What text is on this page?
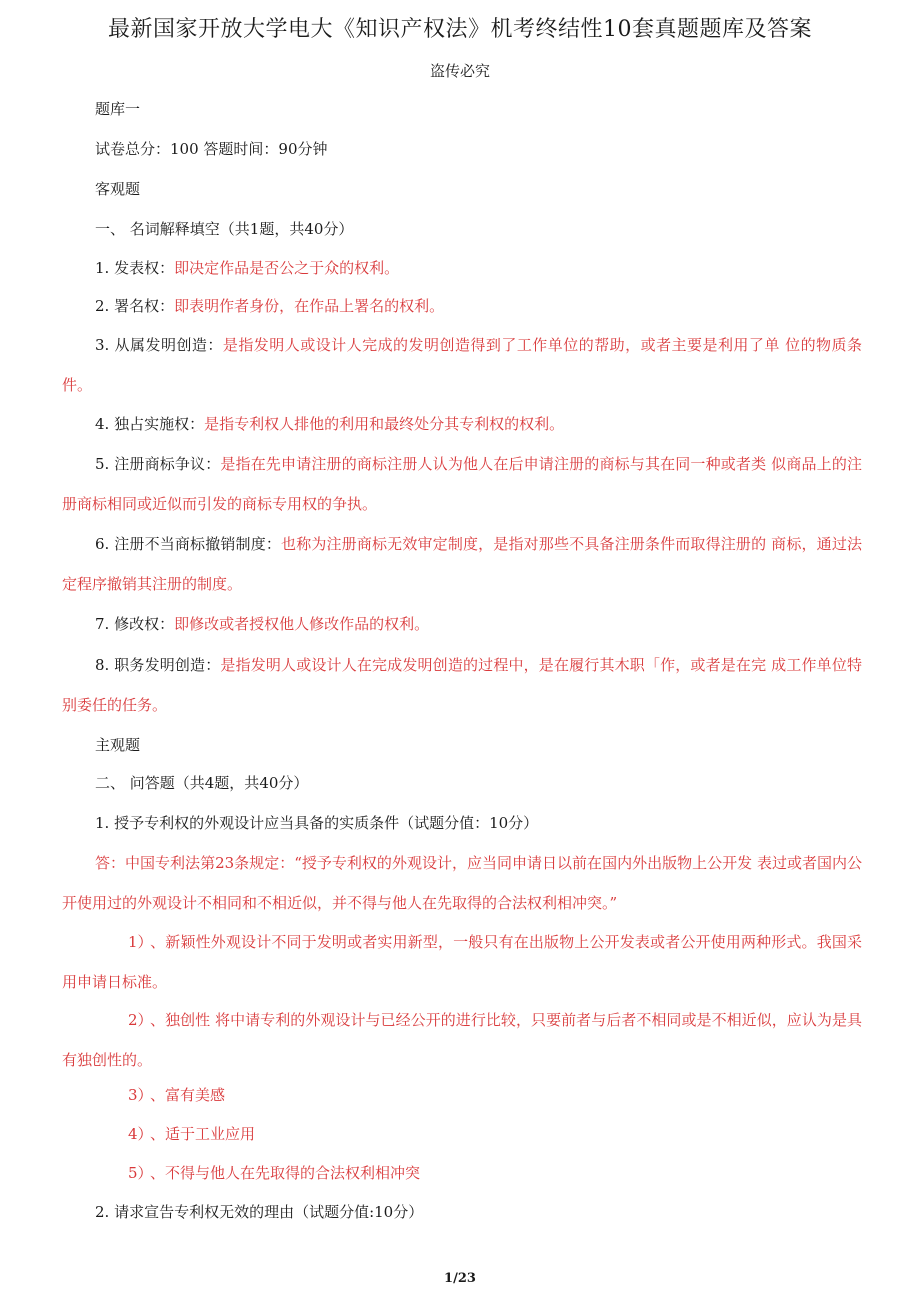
最新国家开放大学电大《知识产权法》机考终结性10套真题题库及答案
盗传必究
题库一
试卷总分：100 答题时间：90分钟
客观题
一、 名词解释填空（共1题，共40分）

1. 发表权：即决定作品是否公之于众的权利。

2. 署名权：即表明作者身份，在作品上署名的权利。

3. 从属发明创造：是指发明人或设计人完成的发明创造得到了工作单位的帮助，或者主要是利用了单 位的物质条件。

4. 独占实施权：是指专利权人排他的利用和最终处分其专利权的权利。

5. 注册商标争议：是指在先申请注册的商标注册人认为他人在后申请注册的商标与其在同一种或者类 似商品上的注册商标相同或近似而引发的商标专用权的争执。

6. 注册不当商标撤销制度：也称为注册商标无效审定制度，是指对那些不具备注册条件而取得注册的 商标，通过法定程序撤销其注册的制度。

7. 修改权：即修改或者授权他人修改作品的权利。

8. 职务发明创造：是指发明人或设计人在完成发明创造的过程中，是在履行其木职「作，或者是在完 成工作单位特别委任的任务。

主观题
二、 问答题（共4题，共40分）
1. 授予专利权的外观设计应当具备的实质条件（试题分值：10分）

答：中国专利法第23条规定：“授予专利权的外观设计，应当同申请日以前在国内外出版物上公开发 表过或者国内公开使用过的外观设计不相同和不相近似，并不得与他人在先取得的合法权利相冲突。”

1）、新颖性外观设计不同于发明或者实用新型，一般只有在出版物上公开发表或者公开使用两种形式。我国采用申请日标准。

2）、独创性 将中请专利的外观设计与已经公开的进行比较，只要前者与后者不相同或是不相近似，应认为是具有独创性的。

3）、富有美感

4）、适于工业应用

5）、不得与他人在先取得的合法权利相冲突

2. 请求宣告专利权无效的理由（试题分值:10分）
1/23
